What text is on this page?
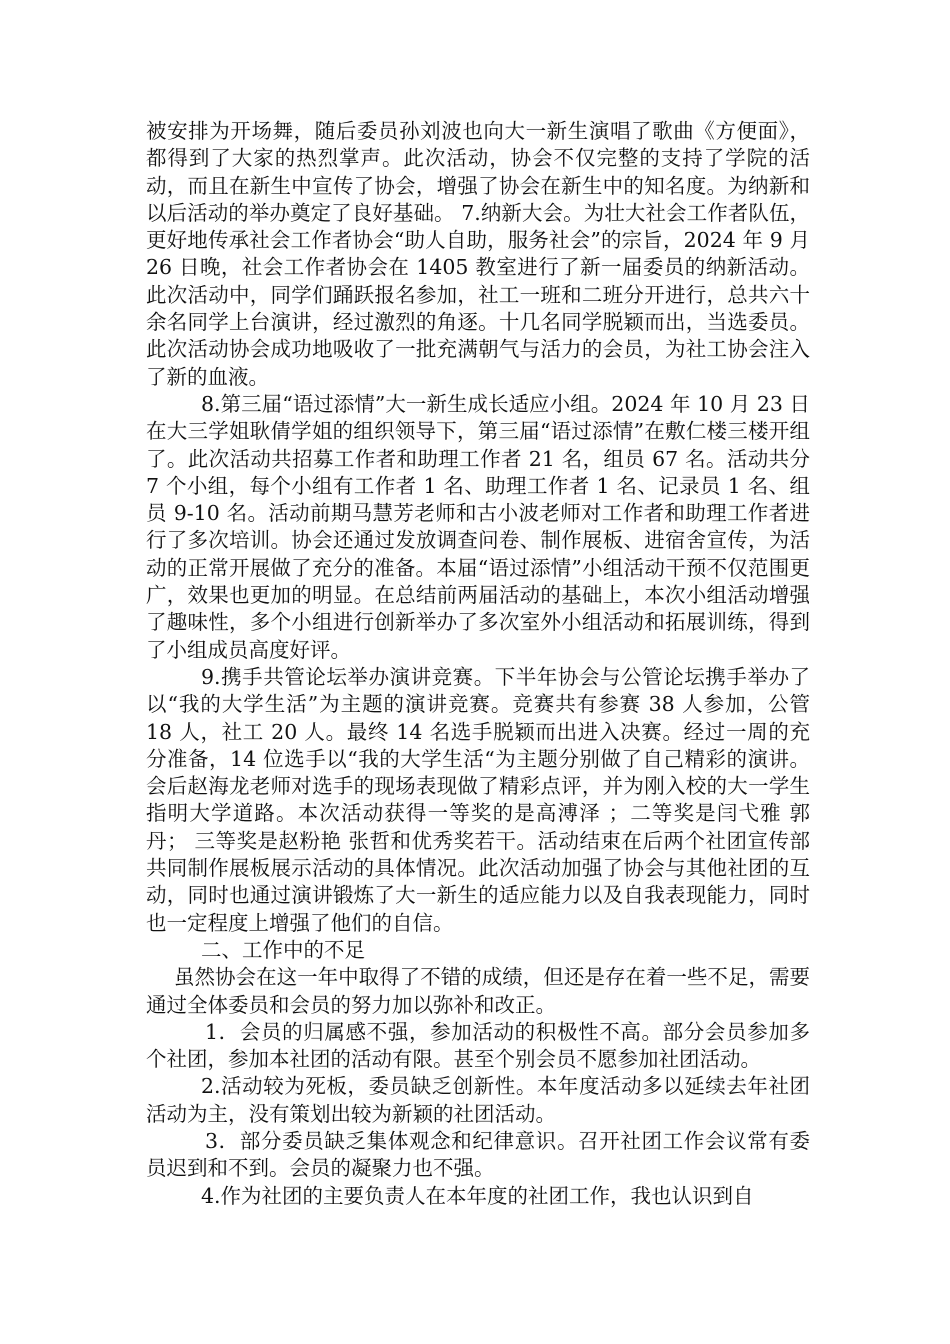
被安排为开场舞，随后委员孙刘波也向大一新生演唱了歌曲《方便面》，都得到了大家的热烈掌声。此次活动，协会不仅完整的支持了学院的活动，而且在新生中宣传了协会，增强了协会在新生中的知名度。为纳新和以后活动的举办奠定了良好基础。 7.纳新大会。为壮大社会工作者队伍，更好地传承社会工作者协会“助人自助，服务社会”的宗旨，2024 年 9 月 26 日晚，社会工作者协会在 1405 教室进行了新一届委员的纳新活动。此次活动中，同学们踊跃报名参加，社工一班和二班分开进行，总共六十余名同学上台演讲，经过激烈的角逐。十几名同学脱颖而出，当选委员。此次活动协会成功地吸收了一批充满朝气与活力的会员，为社工协会注入了新的血液。

8.第三届“语过添情”大一新生成长适应小组。2024 年 10 月 23 日在大三学姐耿倩学姐的组织领导下，第三届“语过添情”在敷仁楼三楼开组了。此次活动共招募工作者和助理工作者 21 名，组员 67 名。活动共分 7 个小组，每个小组有工作者 1 名、助理工作者 1 名、记录员 1 名、组员 9-10 名。活动前期马慧芳老师和古小波老师对工作者和助理工作者进行了多次培训。协会还通过发放调查问卷、制作展板、进宿舍宣传，为活动的正常开展做了充分的准备。本届“语过添情”小组活动干预不仅范围更广，效果也更加的明显。在总结前两届活动的基础上，本次小组活动增强了趣味性，多个小组进行创新举办了多次室外小组活动和拓展训练，得到了小组成员高度好评。

9.携手共管论坛举办演讲竞赛。下半年协会与公管论坛携手举办了以“我的大学生活”为主题的演讲竞赛。竞赛共有参赛 38 人参加，公管 18 人，社工 20 人。最终 14 名选手脱颖而出进入决赛。经过一周的充分准备，14 位选手以“我的大学生活“为主题分别做了自己精彩的演讲。会后赵海龙老师对选手的现场表现做了精彩点评，并为刚入校的大一学生指明大学道路。本次活动获得一等奖的是高溥泽 ；二等奖是闫弋雅 郭丹； 三等奖是赵粉艳 张哲和优秀奖若干。活动结束在后两个社团宣传部共同制作展板展示活动的具体情况。此次活动加强了协会与其他社团的互动，同时也通过演讲锻炼了大一新生的适应能力以及自我表现能力，同时也一定程度上增强了他们的自信。

二、工作中的不足

虽然协会在这一年中取得了不错的成绩，但还是存在着一些不足，需要通过全体委员和会员的努力加以弥补和改正。

1．会员的归属感不强，参加活动的积极性不高。部分会员参加多个社团，参加本社团的活动有限。甚至个别会员不愿参加社团活动。

2.活动较为死板，委员缺乏创新性。本年度活动多以延续去年社团活动为主，没有策划出较为新颖的社团活动。

3．部分委员缺乏集体观念和纪律意识。召开社团工作会议常有委员迟到和不到。会员的凝聚力也不强。

4.作为社团的主要负责人在本年度的社团工作，我也认识到自
